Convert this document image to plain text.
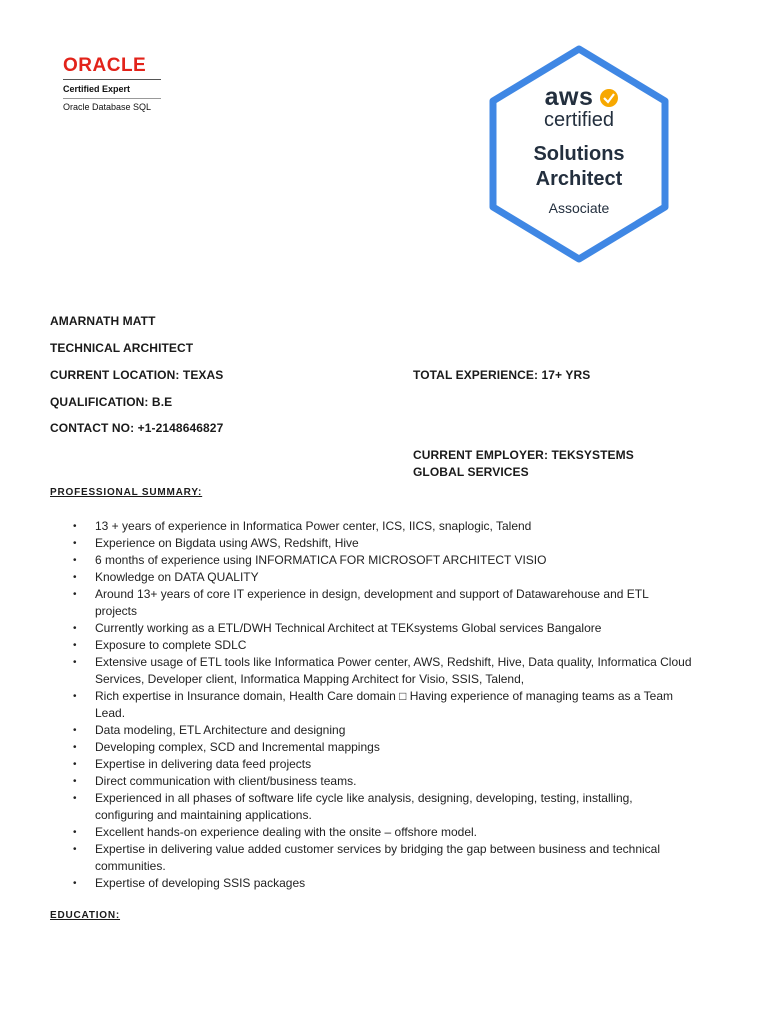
ORACLE
Certified Expert
Oracle Database SQL	aws
certified
Solutions
Architect
Associate
AMARNATH MATT
TECHNICAL ARCHITECT
CURRENT LOCATION: TEXAS	TOTAL EXPERIENCE: 17+ YRS
QUALIFICATION: B.E
CONTACT NO: +1-2148646827
CURRENT EMPLOYER: TEKSYSTEMS GLOBAL SERVICES
PROFESSIONAL SUMMARY:
• 13 + years of experience in Informatica Power center, ICS, IICS, snaplogic, Talend
• Experience on Bigdata using AWS, Redshift, Hive
• 6 months of experience using INFORMATICA FOR MICROSOFT ARCHITECT VISIO
• Knowledge on DATA QUALITY
• Around 13+ years of core IT experience in design, development and support of Datawarehouse and ETL projects
• Currently working as a ETL/DWH Technical Architect at TEKsystems Global services Bangalore
• Exposure to complete SDLC
• Extensive usage of ETL tools like Informatica Power center, AWS, Redshift, Hive, Data quality, Informatica Cloud Services, Developer client, Informatica Mapping Architect for Visio, SSIS, Talend,
• Rich expertise in Insurance domain, Health Care domain □ Having experience of managing teams as a Team Lead.
• Data modeling, ETL Architecture and designing
• Developing complex, SCD and Incremental mappings
• Expertise in delivering data feed projects
• Direct communication with client/business teams.
• Experienced in all phases of software life cycle like analysis, designing, developing, testing, installing, configuring and maintaining applications.
• Excellent hands-on experience dealing with the onsite – offshore model.
• Expertise in delivering value added customer services by bridging the gap between business and technical communities.
• Expertise of developing SSIS packages
EDUCATION:
